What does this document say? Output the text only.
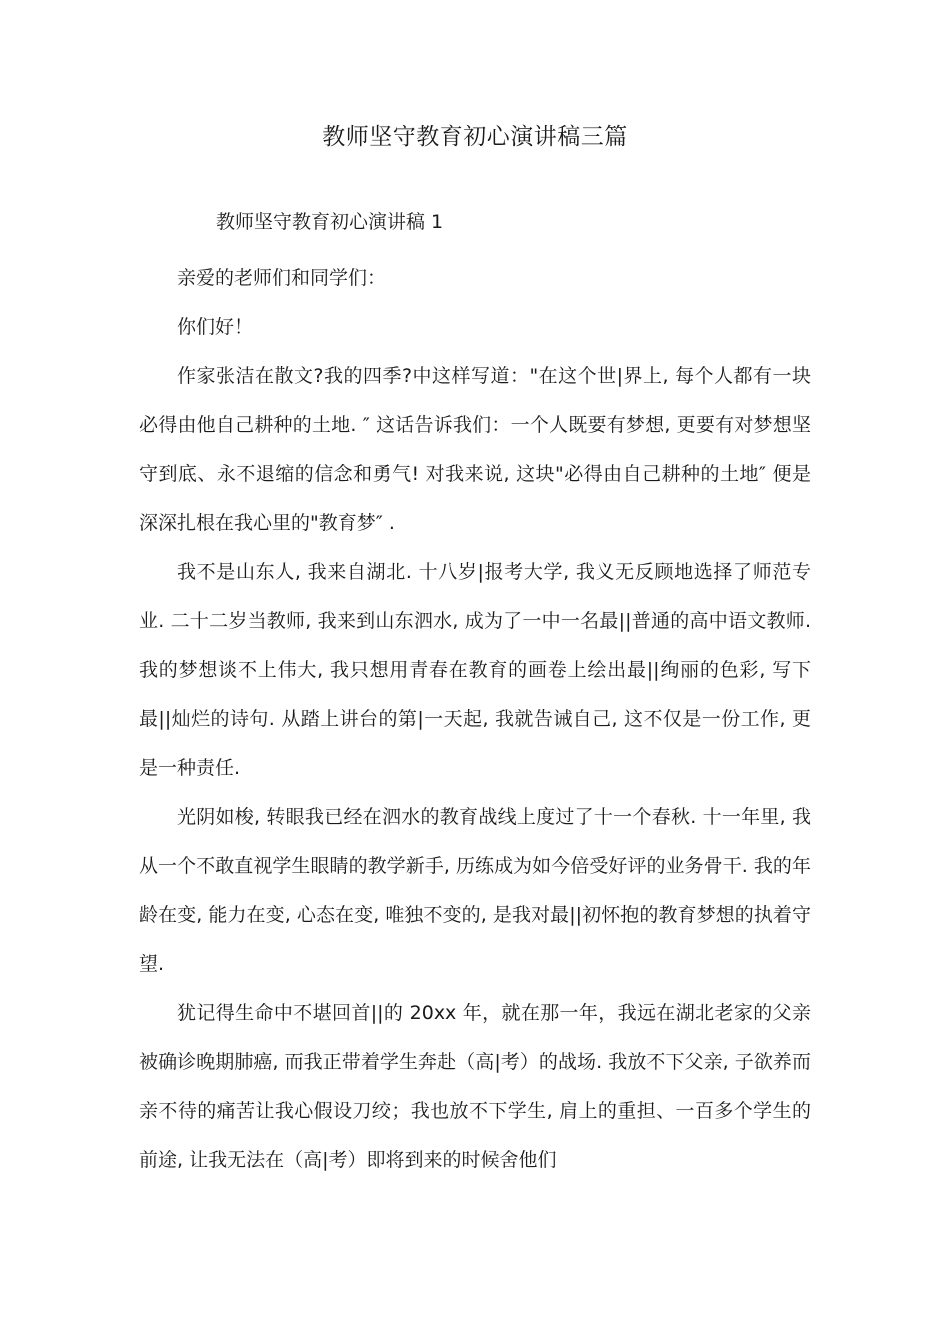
教师坚守教育初心演讲稿三篇
教师坚守教育初心演讲稿 1

亲爱的老师们和同学们：

你们好！

作家张洁在散文?我的四季?中这样写道："在这个世|界上, 每个人都有一块必得由他自己耕种的土地. ″ 这话告诉我们：一个人既要有梦想, 更要有对梦想坚守到底、永不退缩的信念和勇气! 对我来说, 这块"必得由自己耕种的土地″ 便是深深扎根在我心里的"教育梦″ .

我不是山东人, 我来自湖北. 十八岁|报考大学, 我义无反顾地选择了师范专业. 二十二岁当教师, 我来到山东泗水, 成为了一中一名最||普通的高中语文教师. 我的梦想谈不上伟大, 我只想用青春在教育的画卷上绘出最||绚丽的色彩, 写下最||灿烂的诗句. 从踏上讲台的第|一天起, 我就告诫自己, 这不仅是一份工作, 更是一种责任.

光阴如梭, 转眼我已经在泗水的教育战线上度过了十一个春秋. 十一年里, 我从一个不敢直视学生眼睛的教学新手, 历练成为如今倍受好评的业务骨干. 我的年龄在变, 能力在变, 心态在变, 唯独不变的, 是我对最||初怀抱的教育梦想的执着守望.

犹记得生命中不堪回首||的 20xx 年，就在那一年，我远在湖北老家的父亲被确诊晚期肺癌, 而我正带着学生奔赴（高|考）的战场. 我放不下父亲, 子欲养而亲不待的痛苦让我心假设刀绞；我也放不下学生, 肩上的重担、一百多个学生的前途, 让我无法在（高|考）即将到来的时候舍他们
